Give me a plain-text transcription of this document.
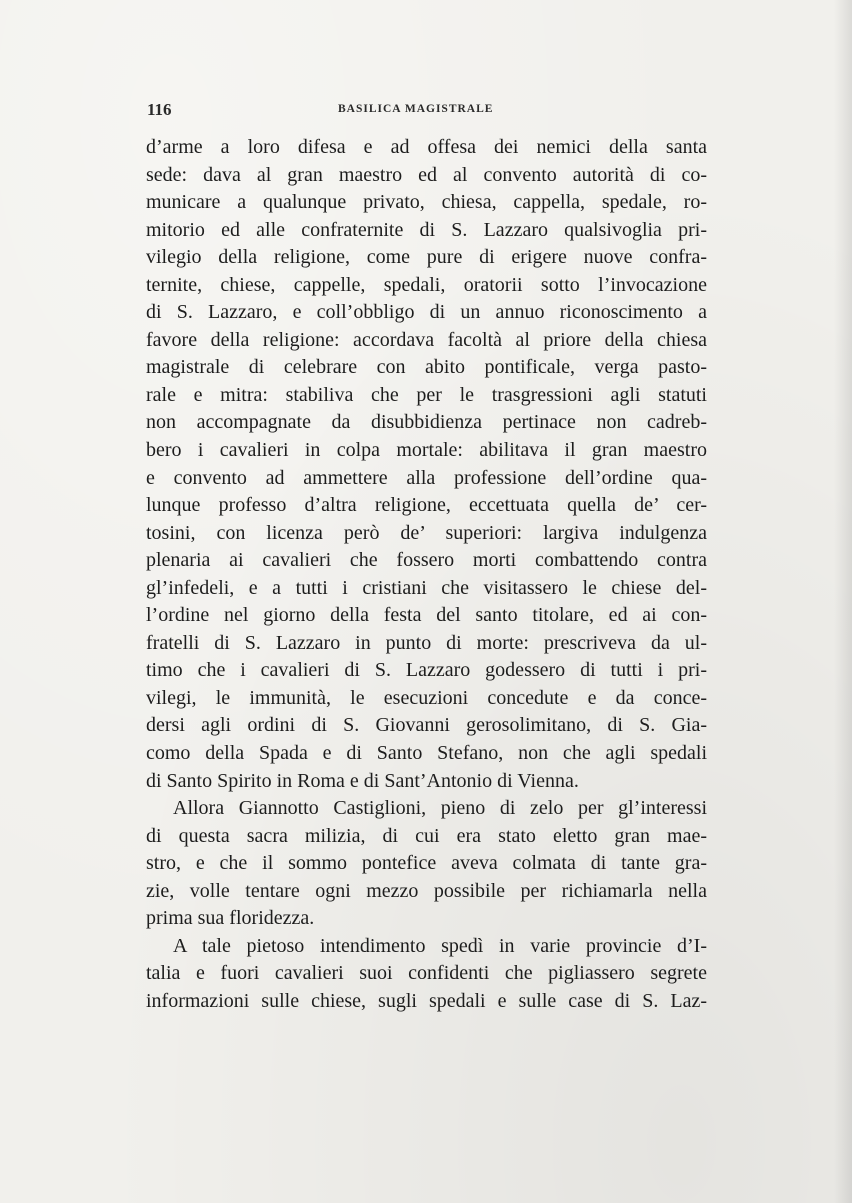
116	BASILICA MAGISTRALE
d’arme a loro difesa e ad offesa dei nemici della santa
sede: dava al gran maestro ed al convento autorità di co-
municare a qualunque privato, chiesa, cappella, spedale, ro-
mitorio ed alle confraternite di S. Lazzaro qualsivoglia pri-
vilegio della religione, come pure di erigere nuove confra-
ternite, chiese, cappelle, spedali, oratorii sotto l’invocazione
di S. Lazzaro, e coll’obbligo di un annuo riconoscimento a
favore della religione: accordava facoltà al priore della chiesa
magistrale di celebrare con abito pontificale, verga pasto-
rale e mitra: stabiliva che per le trasgressioni agli statuti
non accompagnate da disubbidienza pertinace non cadreb-
bero i cavalieri in colpa mortale: abilitava il gran maestro
e convento ad ammettere alla professione dell’ordine qua-
lunque professo d’altra religione, eccettuata quella de’ cer-
tosini, con licenza però de’ superiori: largiva indulgenza
plenaria ai cavalieri che fossero morti combattendo contra
gl’infedeli, e a tutti i cristiani che visitassero le chiese del-
l’ordine nel giorno della festa del santo titolare, ed ai con-
fratelli di S. Lazzaro in punto di morte: prescriveva da ul-
timo che i cavalieri di S. Lazzaro godessero di tutti i pri-
vilegi, le immunità, le esecuzioni concedute e da conce-
dersi agli ordini di S. Giovanni gerosolimitano, di S. Gia-
como della Spada e di Santo Stefano, non che agli spedali
di Santo Spirito in Roma e di Sant’Antonio di Vienna.
Allora Giannotto Castiglioni, pieno di zelo per gl’interessi
di questa sacra milizia, di cui era stato eletto gran mae-
stro, e che il sommo pontefice aveva colmata di tante gra-
zie, volle tentare ogni mezzo possibile per richiamarla nella
prima sua floridezza.
A tale pietoso intendimento spedì in varie provincie d’I-
talia e fuori cavalieri suoi confidenti che pigliassero segrete
informazioni sulle chiese, sugli spedali e sulle case di S. Laz-
